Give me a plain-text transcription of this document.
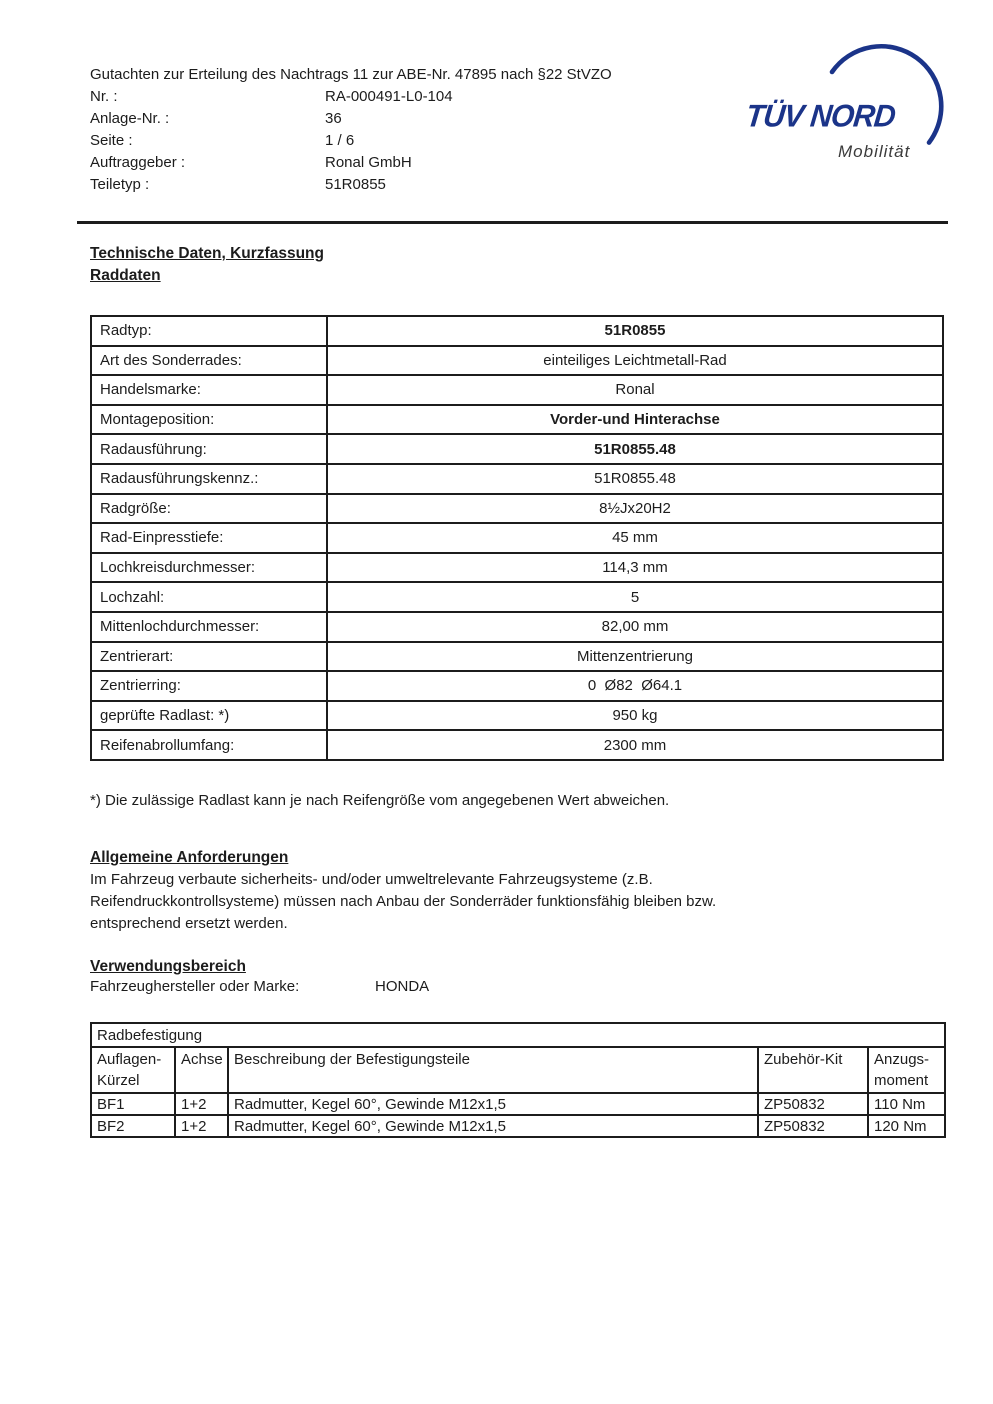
Gutachten zur Erteilung des Nachtrags 11 zur ABE-Nr. 47895 nach §22 StVZO
Nr. :	RA-000491-L0-104
Anlage-Nr. :	36
Seite :	1 / 6
Auftraggeber :	Ronal GmbH
Teiletyp :	51R0855
TÜV NORD
Mobilität
Technische Daten, Kurzfassung
Raddaten
Radtyp:	51R0855
Art des Sonderrades:	einteiliges Leichtmetall-Rad
Handelsmarke:	Ronal
Montageposition:	Vorder-und Hinterachse
Radausführung:	51R0855.48
Radausführungskennz.:	51R0855.48
Radgröße:	8½Jx20H2
Rad-Einpresstiefe:	45 mm
Lochkreisdurchmesser:	114,3 mm
Lochzahl:	5
Mittenlochdurchmesser:	82,00 mm
Zentrierart:	Mittenzentrierung
Zentrierring:	0  Ø82  Ø64.1
geprüfte Radlast: *)	950 kg
Reifenabrollumfang:	2300 mm
*) Die zulässige Radlast kann je nach Reifengröße vom angegebenen Wert abweichen.
Allgemeine Anforderungen

Im Fahrzeug verbaute sicherheits- und/oder umweltrelevante Fahrzeugsysteme (z.B. Reifendruckkontrollsysteme) müssen nach Anbau der Sonderräder funktionsfähig bleiben bzw. entsprechend ersetzt werden.

Verwendungsbereich
Fahrzeughersteller oder Marke:	HONDA
Radbefestigung				
Auflagen-Kürzel	Achse	Beschreibung der Befestigungsteile	Zubehör-Kit	Anzugs-moment
BF1	1+2	Radmutter, Kegel 60°, Gewinde M12x1,5	ZP50832	110 Nm
BF2	1+2	Radmutter, Kegel 60°, Gewinde M12x1,5	ZP50832	120 Nm
